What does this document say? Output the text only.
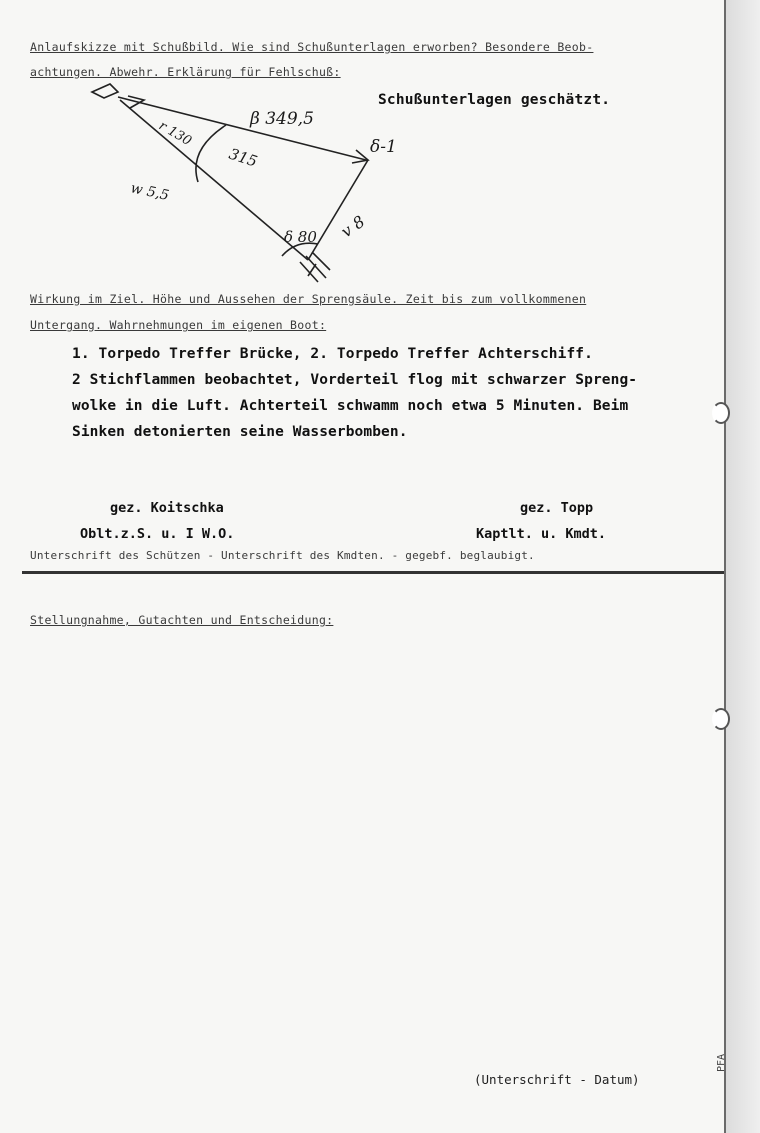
Anlaufskizze mit Schußbild. Wie sind Schußunterlagen erworben? Besondere Beob-
achtungen. Abwehr. Erklärung für Fehlschuß:
Schußunterlagen geschätzt.
β 349,5
δ-1
r 130
315
w 5,5
δ 80 v 8
Wirkung im Ziel. Höhe und Aussehen der Sprengsäule. Zeit bis zum vollkommenen
Untergang. Wahrnehmungen im eigenen Boot:
1. Torpedo Treffer Brücke, 2. Torpedo Treffer Achterschiff.
2 Stichflammen beobachtet, Vorderteil flog mit schwarzer Spreng-
wolke in die Luft. Achterteil schwamm noch etwa 5 Minuten. Beim
Sinken detonierten seine Wasserbomben.
gez. Koitschka
Oblt.z.S. u. I W.O.
gez. Topp
Kaptlt. u. Kmdt.
Unterschrift des Schützen - Unterschrift des Kmdten. - gegebf. beglaubigt.
Stellungnahme, Gutachten und Entscheidung:
(Unterschrift - Datum)
PFA
